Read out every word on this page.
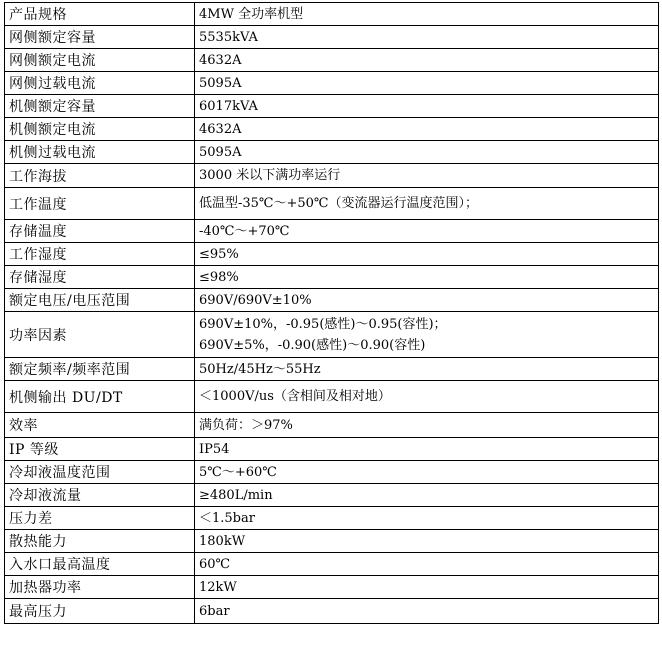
产品规格	4MW 全功率机型

网侧额定容量	5535kVA

网侧额定电流	4632A

网侧过载电流	5095A

机侧额定容量	6017kVA

机侧额定电流	4632A

机侧过载电流	5095A

工作海拔	3000 米以下满功率运行

工作温度	低温型-35℃～+50℃（变流器运行温度范围）；

存储温度	-40℃～+70℃

工作湿度	≤95%

存储湿度	≤98%

额定电压/电压范围	690V/690V±10%

功率因素	690V±10%，-0.95(感性)～0.95(容性)；
690V±5%，-0.90(感性)～0.90(容性)

额定频率/频率范围	50Hz/45Hz～55Hz

机侧输出 DU/DT	＜1000V/us（含相间及相对地）

效率	满负荷：＞97%

IP 等级	IP54

冷却液温度范围	5℃～+60℃

冷却液流量	≥480L/min

压力差	＜1.5bar

散热能力	180kW

入水口最高温度	60℃

加热器功率	12kW

最高压力	6bar
